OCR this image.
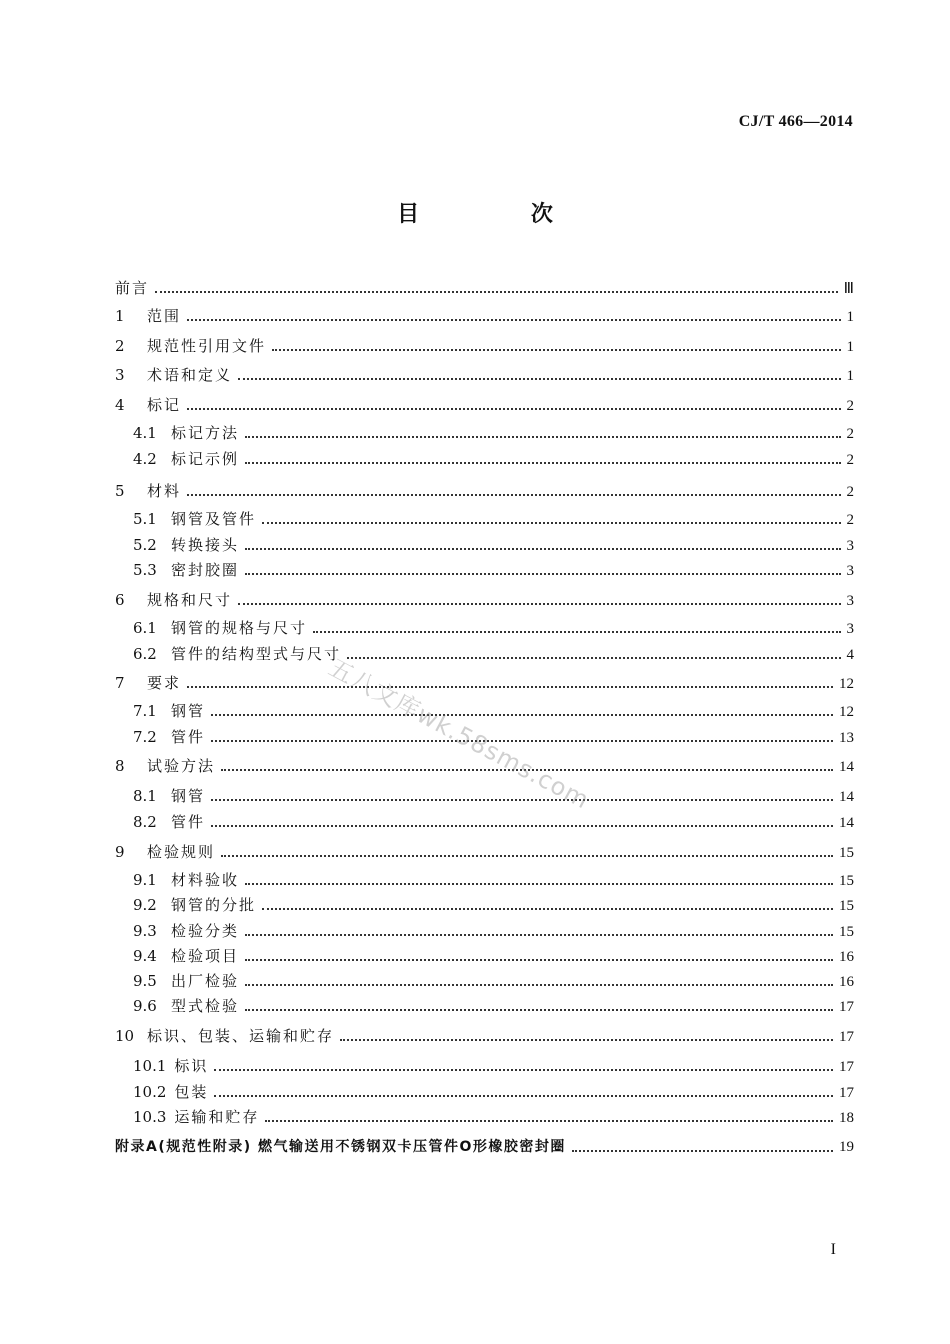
CJ/T 466—2014
目 次
前言	Ⅲ
1	范围	1
2	规范性引用文件	1
3	术语和定义	1
4	标记	2
4.1 标记方法	2
4.2 标记示例	2
5	材料	2
5.1 钢管及管件	2
5.2 转换接头	3
5.3 密封胶圈	3
6	规格和尺寸	3
6.1 钢管的规格与尺寸	3
6.2 管件的结构型式与尺寸	4
7	要求	12
7.1 钢管	12
7.2 管件	13
8	试验方法	14
8.1 钢管	14
8.2 管件	14
9	检验规则	15
9.1 材料验收	15
9.2 钢管的分批	15
9.3 检验分类	15
9.4 检验项目	16
9.5 出厂检验	16
9.6 型式检验	17
10 标识、包装、运输和贮存	17
10.1 标识	17
10.2 包装	17
10.3 运输和贮存	18
附录A(规范性附录) 燃气输送用不锈钢双卡压管件O形橡胶密封圈	19
五八文库wk.58sms.com
I
